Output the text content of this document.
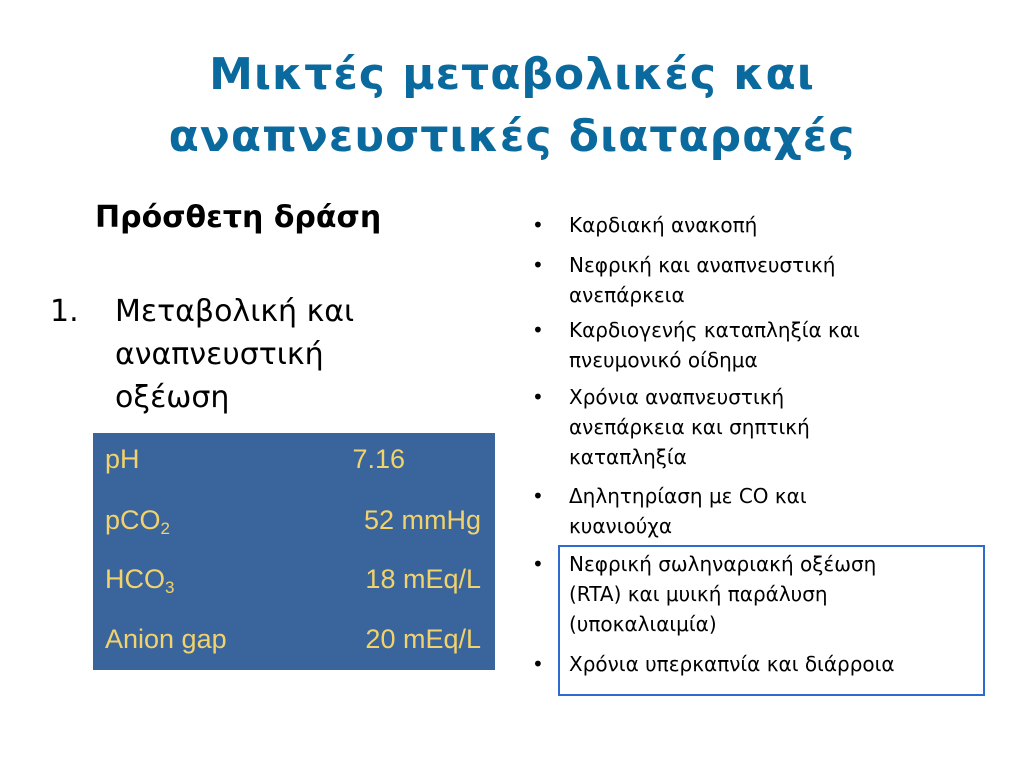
Μικτές μεταβολικές και
αναπνευστικές διαταραχές
Πρόσθετη δράση
1. Μεταβολική και
αναπνευστική
οξέωση
pH	7.16
pCO$_2$	52 mmHg
$HCO_3$	18 mEq/L
Anion gap	20 mEq/L
• Καρδιακή ανακοπή
• Νεφρική και αναπνευστική
ανεπάρκεια
• Καρδιογενής καταπληξία και
πνευμονικό οίδημα
• Χρόνια αναπνευστική
ανεπάρκεια και σηπτική
καταπληξία
• Δηλητηρίαση με CO και
κυανιούχα
• Νεφρική σωληναριακή οξέωση
(RTA) και μυική παράλυση
(υποκαλιαιμία)
• Χρόνια υπερκαπνία και διάρροια
